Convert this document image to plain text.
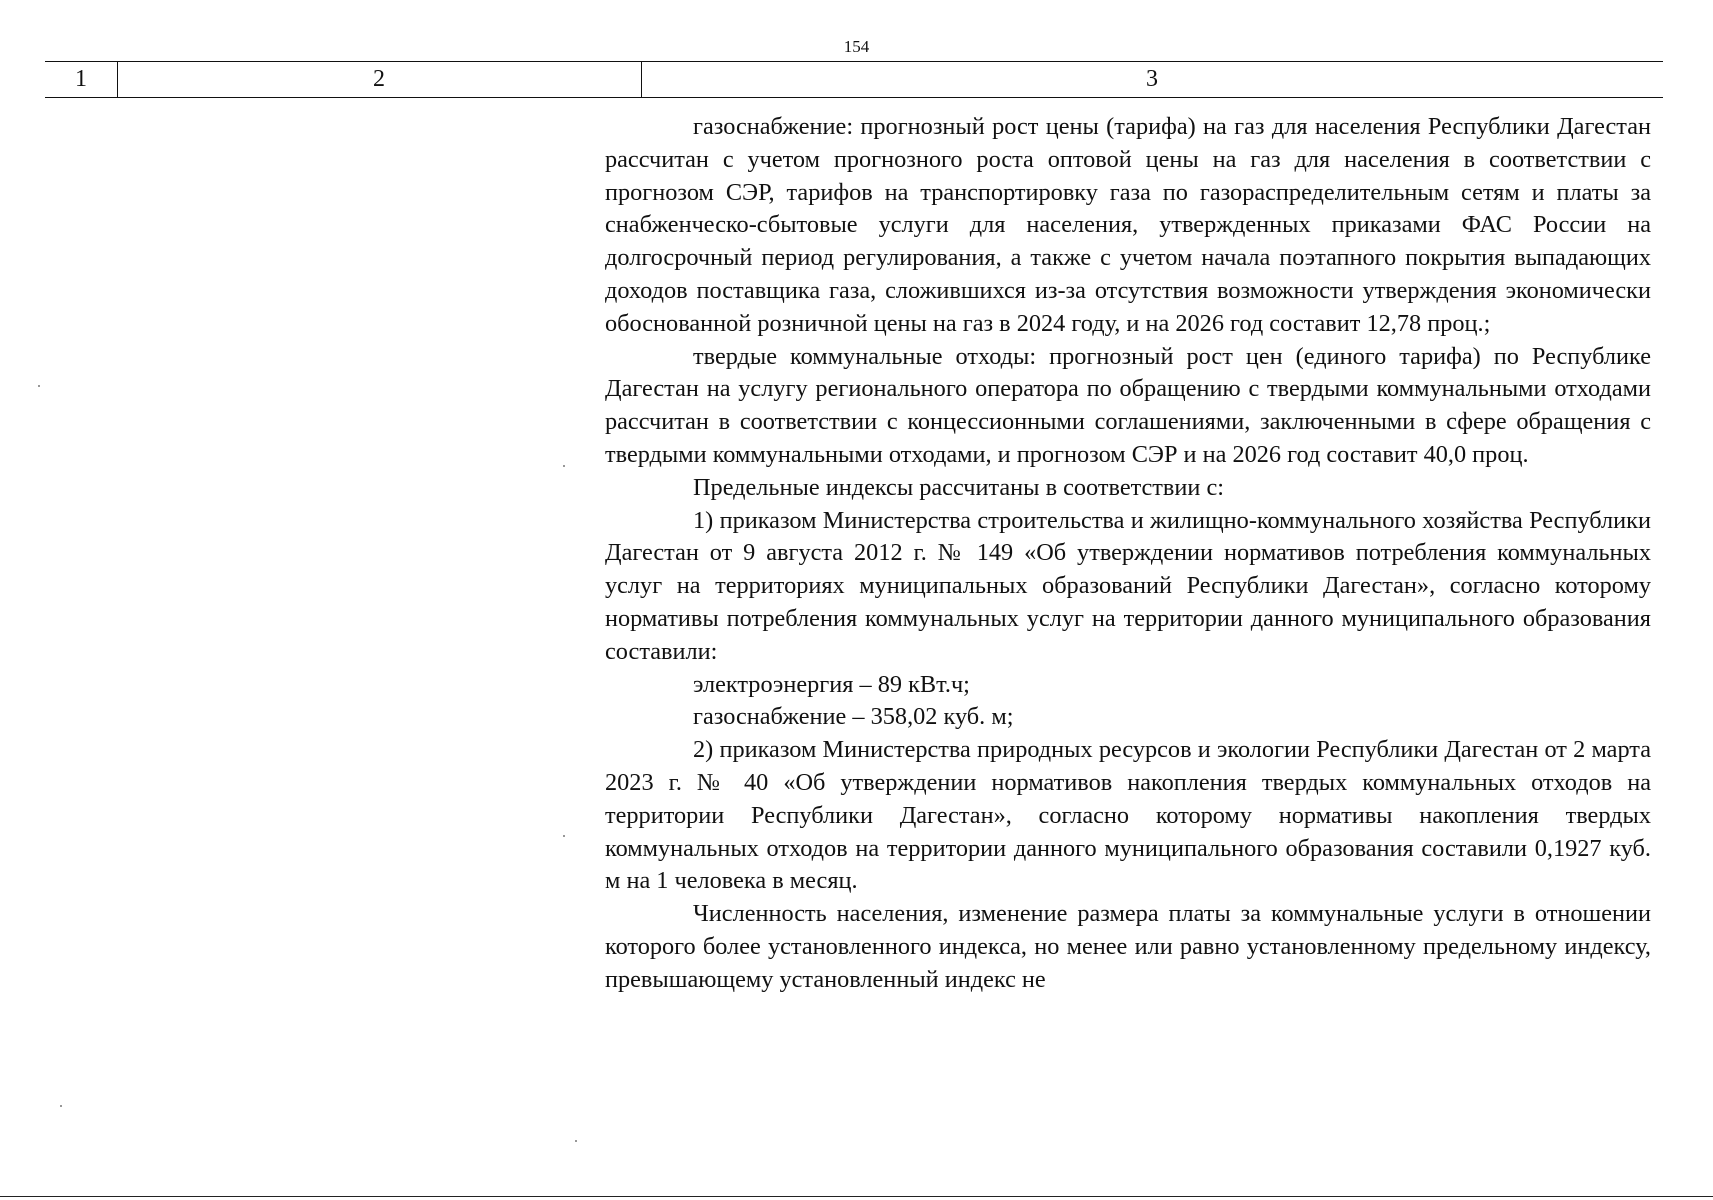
154
1	2	3

газоснабжение: прогнозный рост цены (тарифа) на газ для населения Республики Дагестан рассчитан с учетом прогнозного роста оптовой цены на газ для населения в соответствии с прогнозом СЭР, тарифов на транспортировку газа по газораспределительным сетям и платы за снабженческо-сбытовые услуги для населения, утвержденных приказами ФАС России на долгосрочный период регулирования, а также с учетом начала поэтапного покрытия выпадающих доходов поставщика газа, сложившихся из-за отсутствия возможности утверждения экономически обоснованной розничной цены на газ в 2024 году, и на 2026 год составит 12,78 проц.;

твердые коммунальные отходы: прогнозный рост цен (единого тарифа) по Республике Дагестан на услугу регионального оператора по обращению с твердыми коммунальными отходами рассчитан в соответствии с концессионными соглашениями, заключенными в сфере обращения с твердыми коммунальными отходами, и прогнозом СЭР и на 2026 год составит 40,0 проц.

Предельные индексы рассчитаны в соответствии с:

1) приказом Министерства строительства и жилищно-коммунального хозяйства Республики Дагестан от 9 августа 2012 г. № 149 «Об утверждении нормативов потребления коммунальных услуг на территориях муниципальных образований Республики Дагестан», согласно которому нормативы потребления коммунальных услуг на территории данного муниципального образования составили:

электроэнергия – 89 кВт.ч;

газоснабжение – 358,02 куб. м;

2) приказом Министерства природных ресурсов и экологии Республики Дагестан от 2 марта 2023 г. № 40 «Об утверждении нормативов накопления твердых коммунальных отходов на территории Республики Дагестан», согласно которому нормативы накопления твердых коммунальных отходов на территории данного муниципального образования составили 0,1927 куб. м на 1 человека в месяц.

Численность населения, изменение размера платы за коммунальные услуги в отношении которого более установленного индекса, но менее или равно установленному предельному индексу, превышающему установленный индекс не
